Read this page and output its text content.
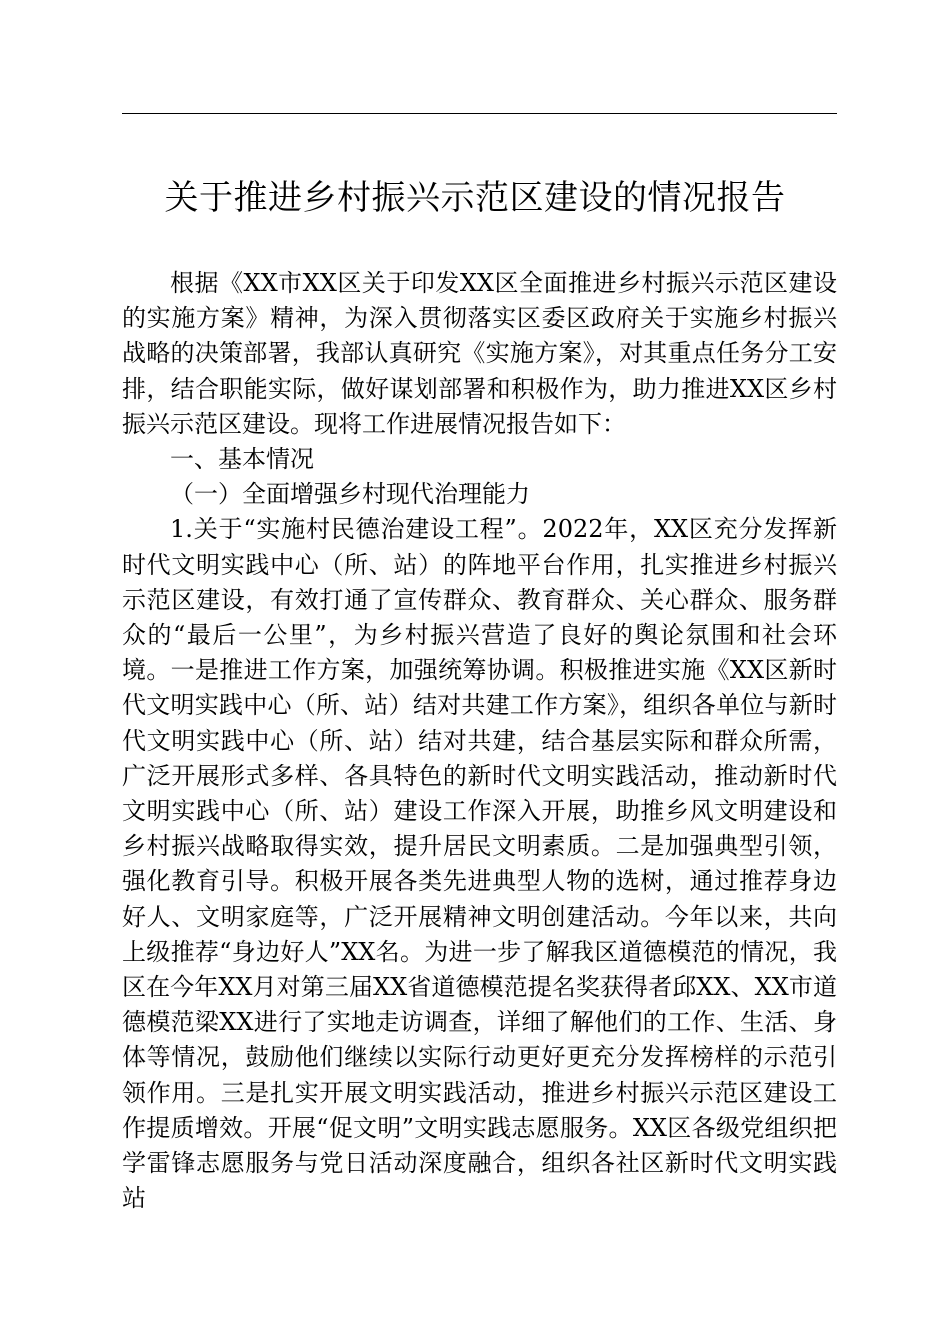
关于推进乡村振兴示范区建设的情况报告

根据《XX市XX区关于印发XX区全面推进乡村振兴示范区建设的实施方案》精神，为深入贯彻落实区委区政府关于实施乡村振兴战略的决策部署，我部认真研究《实施方案》，对其重点任务分工安排，结合职能实际，做好谋划部署和积极作为，助力推进XX区乡村振兴示范区建设。现将工作进展情况报告如下：

一、基本情况

（一）全面增强乡村现代治理能力

1.关于“实施村民德治建设工程”。2022年，XX区充分发挥新时代文明实践中心（所、站）的阵地平台作用，扎实推进乡村振兴示范区建设，有效打通了宣传群众、教育群众、关心群众、服务群众的“最后一公里”，为乡村振兴营造了良好的舆论氛围和社会环境。一是推进工作方案，加强统筹协调。积极推进实施《XX区新时代文明实践中心（所、站）结对共建工作方案》，组织各单位与新时代文明实践中心（所、站）结对共建，结合基层实际和群众所需，广泛开展形式多样、各具特色的新时代文明实践活动，推动新时代文明实践中心（所、站）建设工作深入开展，助推乡风文明建设和乡村振兴战略取得实效，提升居民文明素质。二是加强典型引领，强化教育引导。积极开展各类先进典型人物的选树，通过推荐身边好人、文明家庭等，广泛开展精神文明创建活动。今年以来，共向上级推荐“身边好人”XX名。为进一步了解我区道德模范的情况，我区在今年XX月对第三届XX省道德模范提名奖获得者邱XX、XX市道德模范梁XX进行了实地走访调查，详细了解他们的工作、生活、身体等情况，鼓励他们继续以实际行动更好更充分发挥榜样的示范引领作用。三是扎实开展文明实践活动，推进乡村振兴示范区建设工作提质增效。开展“促文明”文明实践志愿服务。XX区各级党组织把学雷锋志愿服务与党日活动深度融合，组织各社区新时代文明实践站
